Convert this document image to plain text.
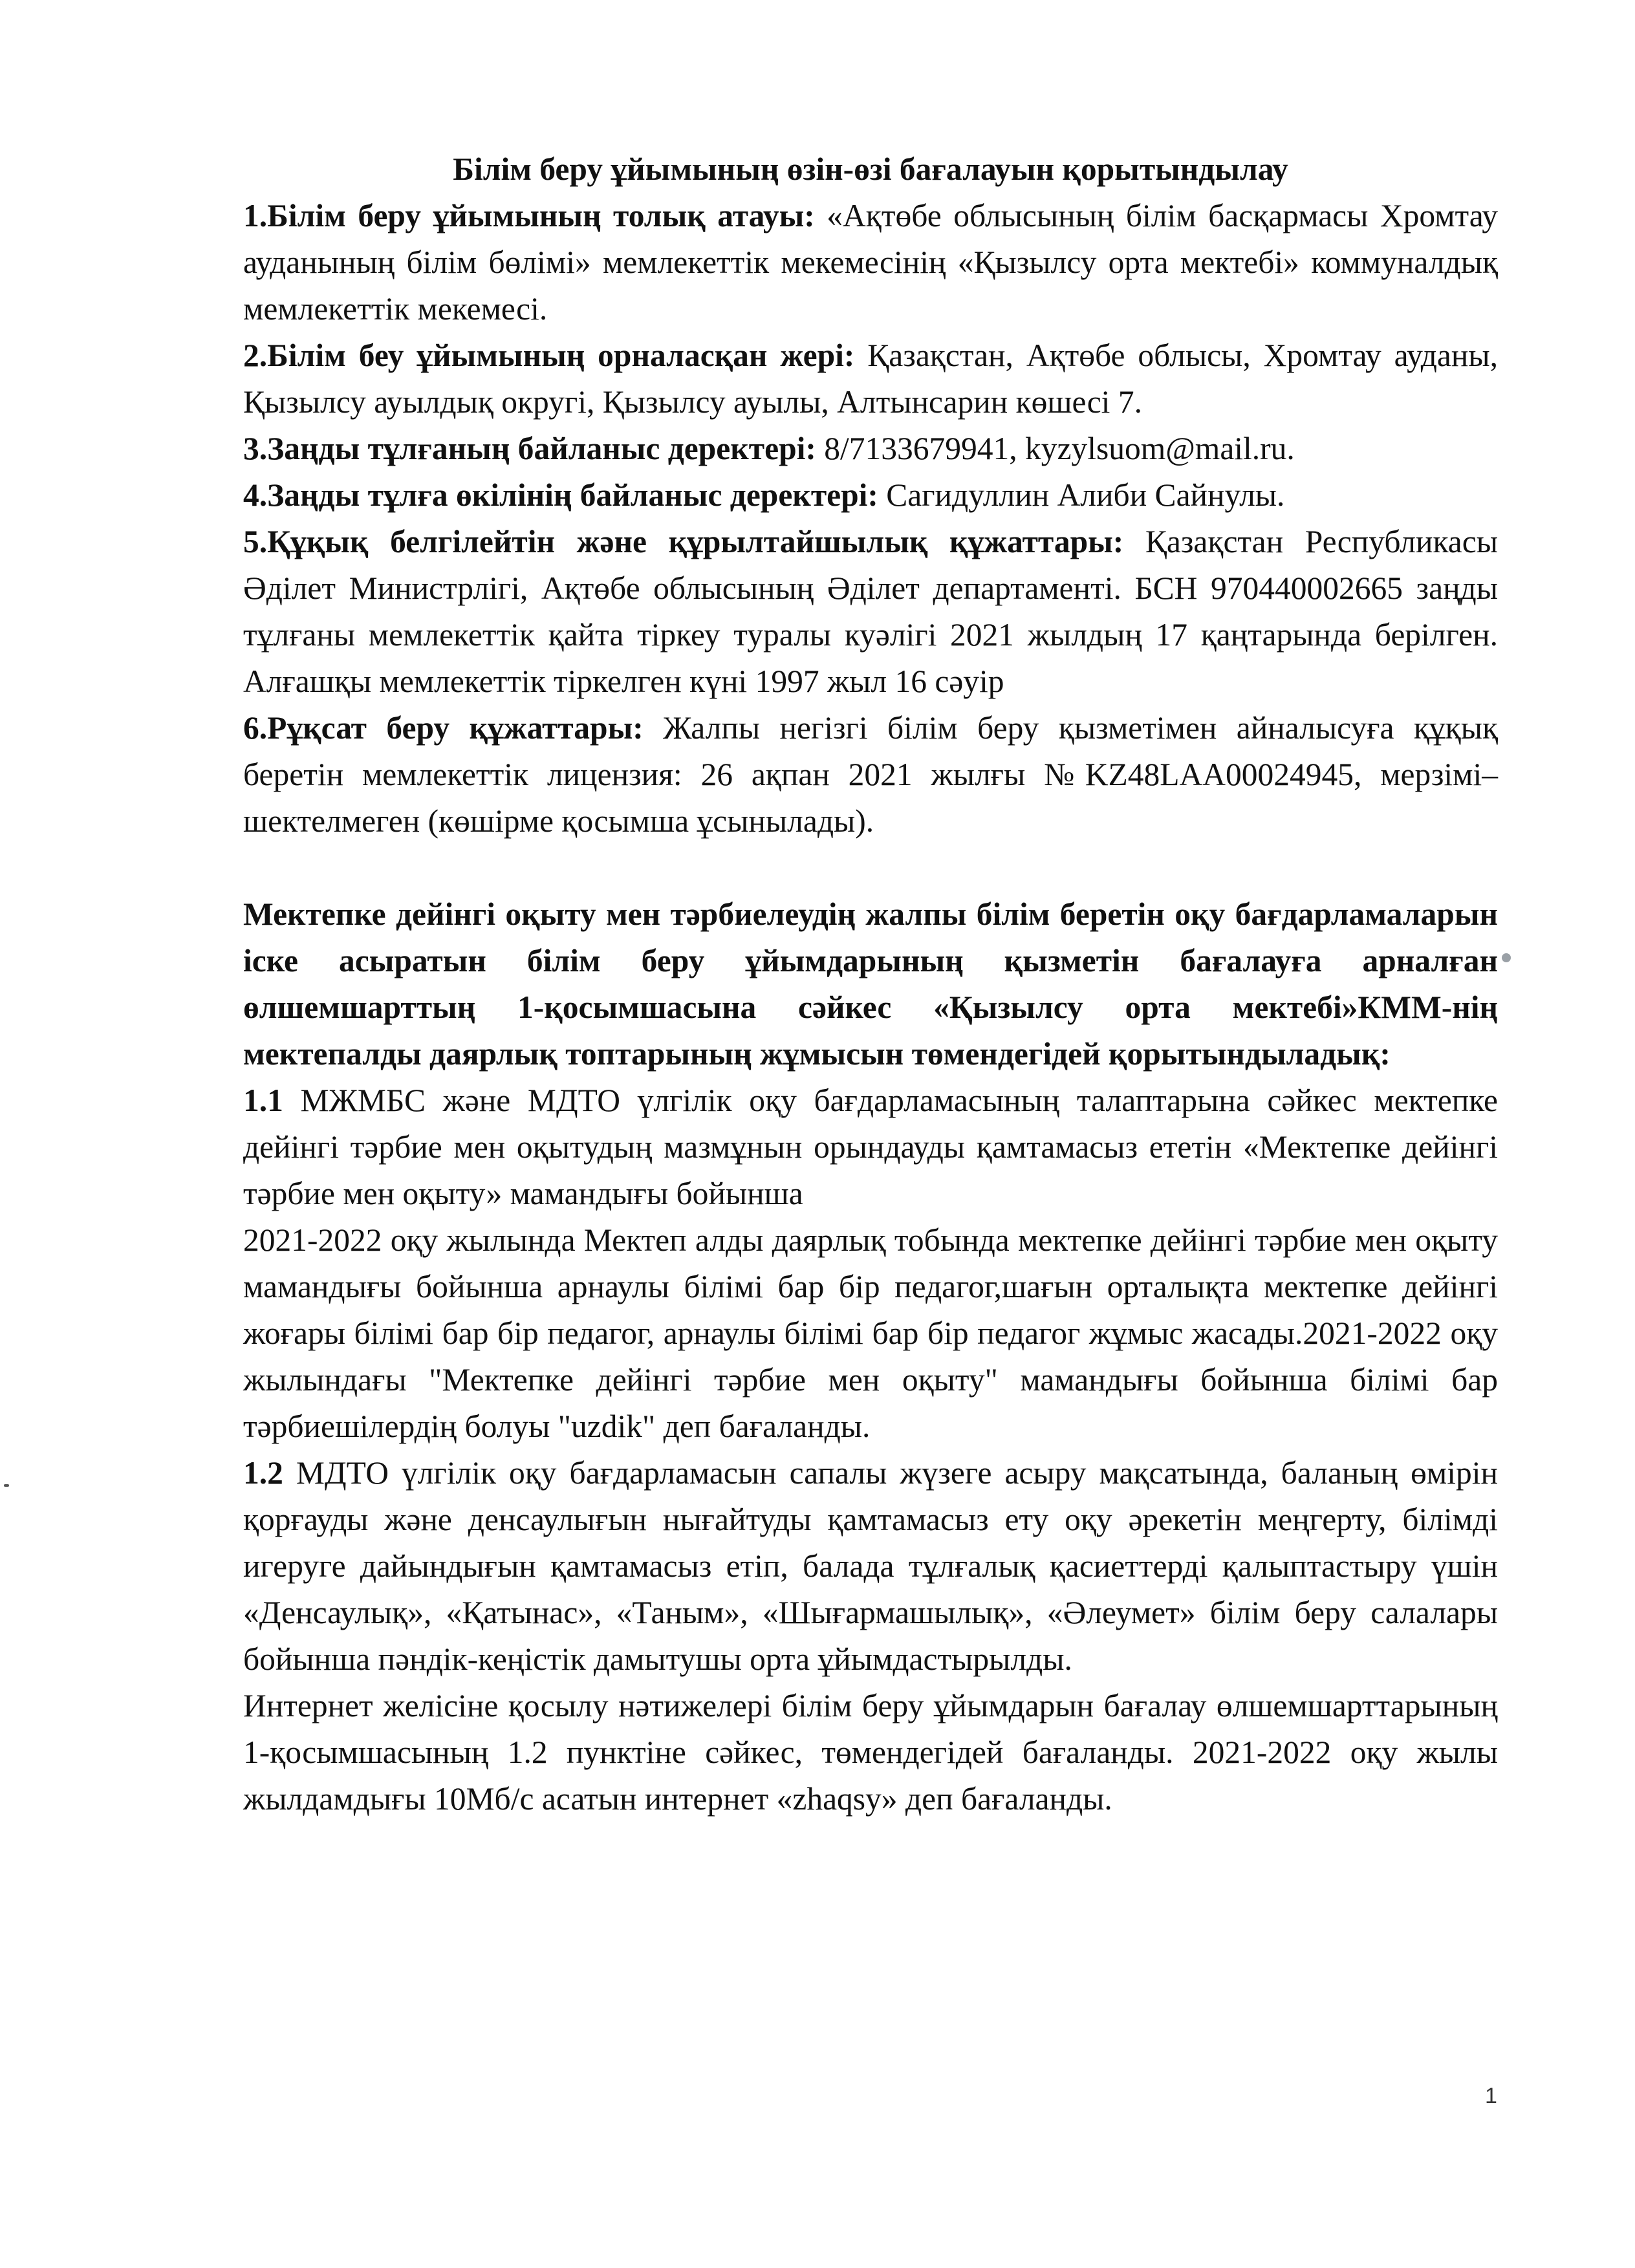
Білім беру ұйымының өзін-өзі бағалауын қорытындылау

1.Білім беру ұйымының толық атауы: «Ақтөбе облысының білім басқармасы Хромтау ауданының білім бөлімі» мемлекеттік мекемесінің «Қызылсу орта мектебі» коммуналдық мемлекеттік мекемесі.

2.Білім беу ұйымының орналасқан жері: Қазақстан, Ақтөбе облысы, Хромтау ауданы, Қызылсу ауылдық округі, Қызылсу ауылы, Алтынсарин көшесі 7.

3.Заңды тұлғаның байланыс деректері: 8/7133679941, kyzylsuom@mail.ru.

4.Заңды тұлға өкілінің байланыс деректері: Сагидуллин Алиби Сайнулы.

5.Құқық белгілейтін және құрылтайшылық құжаттары: Қазақстан Республикасы Әділет Министрлігі, Ақтөбе облысының Әділет департаменті. БСН 970440002665 заңды тұлғаны мемлекеттік қайта тіркеу туралы куәлігі 2021 жылдың 17 қаңтарында берілген. Алғашқы мемлекеттік тіркелген күні 1997 жыл 16 сәуір

6.Рұқсат беру құжаттары: Жалпы негізгі білім беру қызметімен айналысуға құқық беретін мемлекеттік лицензия: 26 ақпан 2021 жылғы №KZ48LAA00024945, мерзімі– шектелмеген (көшірме қосымша ұсынылады).

Мектепке дейінгі оқыту мен тәрбиелеудің жалпы білім беретін оқу бағдарламаларын іске асыратын білім беру ұйымдарының қызметін бағалауға арналған өлшемшарттың 1-қосымшасына сәйкес «Қызылсу орта мектебі»КММ-нің мектепалды даярлық топтарының жұмысын төмендегідей қорытындыладық:

1.1 МЖМБС және МДТО үлгілік оқу бағдарламасының талаптарына сәйкес мектепке дейінгі тәрбие мен оқытудың мазмұнын орындауды қамтамасыз ететін «Мектепке дейінгі тәрбие мен оқыту» мамандығы бойынша

2021-2022 оқу жылында Мектеп алды даярлық тобында мектепке дейінгі тәрбие мен оқыту мамандығы бойынша арнаулы білімі бар бір педагог,шағын орталықта мектепке дейінгі жоғары білімі бар бір педагог, арнаулы білімі бар бір педагог жұмыс жасады.2021-2022 оқу жылындағы "Мектепке дейінгі тәрбие мен оқыту" мамандығы бойынша білімі бар тәрбиешілердің болуы "uzdik" деп бағаланды.

1.2 МДТО үлгілік оқу бағдарламасын сапалы жүзеге асыру мақсатында, баланың өмірін қорғауды және денсаулығын нығайтуды қамтамасыз ету оқу әрекетін меңгерту, білімді игеруге дайындығын қамтамасыз етіп, балада тұлғалық қасиеттерді қалыптастыру үшін «Денсаулық», «Қатынас», «Таным», «Шығармашылық», «Әлеумет» білім беру салалары бойынша пәндік-кеңістік дамытушы орта ұйымдастырылды.

Интернет желісіне қосылу нәтижелері білім беру ұйымдарын бағалау өлшемшарттарының 1-қосымшасының 1.2 пунктіне сәйкес, төмендегідей бағаланды. 2021-2022 оқу жылы жылдамдығы 10Мб/с асатын интернет «zhaqsy» деп бағаланды.

1
